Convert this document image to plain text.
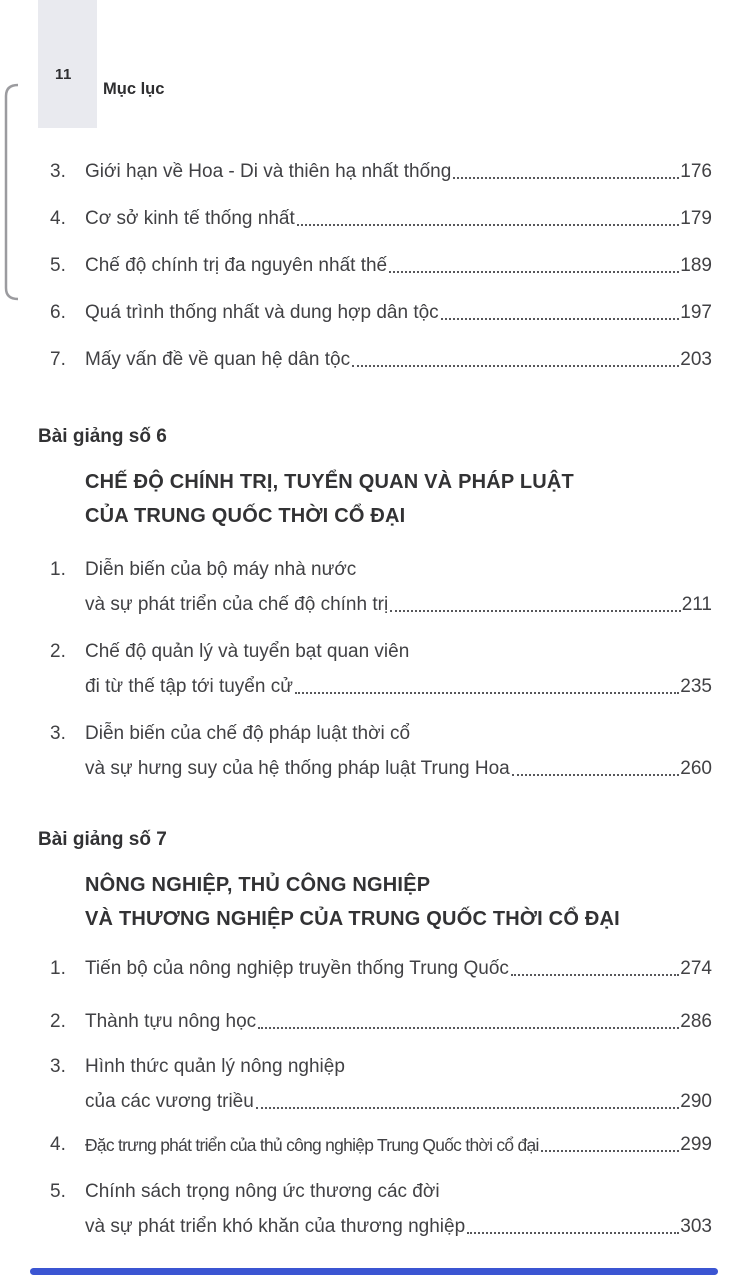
11
Mục lục
3.	Giới hạn về Hoa - Di và thiên hạ nhất thống	176
4.	Cơ sở kinh tế thống nhất	179
5.	Chế độ chính trị đa nguyên nhất thế	189
6.	Quá trình thống nhất và dung hợp dân tộc	197
7.	Mấy vấn đề về quan hệ dân tộc	203
Bài giảng số 6
CHẾ ĐỘ CHÍNH TRỊ, TUYỂN QUAN VÀ PHÁP LUẬT
CỦA TRUNG QUỐC THỜI CỔ ĐẠI
1.	Diễn biến của bộ máy nhà nước
và sự phát triển của chế độ chính trị	211
2.	Chế độ quản lý và tuyển bạt quan viên
đi từ thế tập tới tuyển cử	235
3.	Diễn biến của chế độ pháp luật thời cổ
và sự hưng suy của hệ thống pháp luật Trung Hoa	260
Bài giảng số 7
NÔNG NGHIỆP, THỦ CÔNG NGHIỆP
VÀ THƯƠNG NGHIỆP CỦA TRUNG QUỐC THỜI CỔ ĐẠI
1.	Tiến bộ của nông nghiệp truyền thống Trung Quốc	274
2.	Thành tựu nông học	286
3.	Hình thức quản lý nông nghiệp
của các vương triều	290
4.	Đặc trưng phát triển của thủ công nghiệp Trung Quốc thời cổ đại	299
5.	Chính sách trọng nông ức thương các đời
và sự phát triển khó khăn của thương nghiệp	303
